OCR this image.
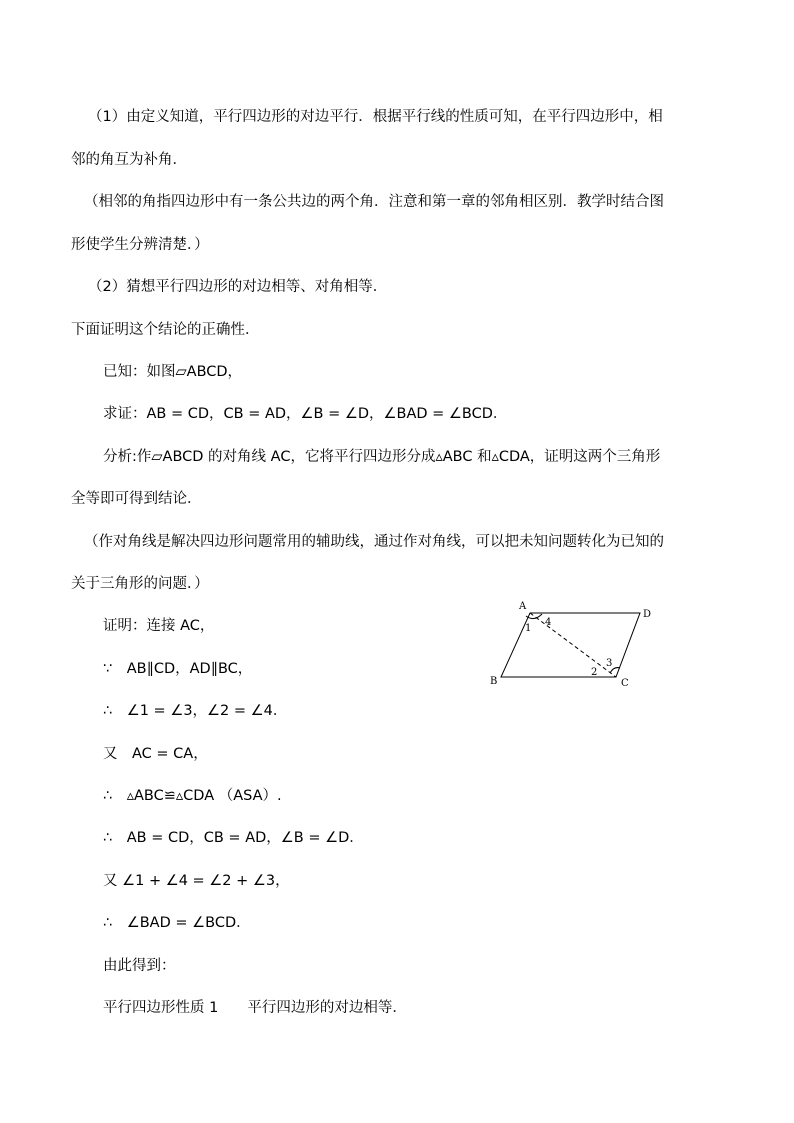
（1）由定义知道，平行四边形的对边平行．根据平行线的性质可知，在平行四边形中，相
邻的角互为补角．
（相邻的角指四边形中有一条公共边的两个角．注意和第一章的邻角相区别．教学时结合图
形使学生分辨清楚．）
（2）猜想平行四边形的对边相等、对角相等．
下面证明这个结论的正确性．
已知：如图▱ABCD，
求证：AB = CD，CB = AD，∠B = ∠D，∠BAD = ∠BCD．
分析:作▱ABCD 的对角线 AC，它将平行四边形分成▵ABC 和▵CDA，证明这两个三角形
全等即可得到结论．
（作对角线是解决四边形问题常用的辅助线，通过作对角线，可以把未知问题转化为已知的
关于三角形的问题．）
证明：连接 AC，
∵　AB∥CD，AD∥BC，
∴　∠1 = ∠3，∠2 = ∠4．
又　AC = CA，
∴　▵ABC≌▵CDA （ASA）.
∴　AB = CD，CB = AD，∠B = ∠D．
又 ∠1 + ∠4 = ∠2 + ∠3，
∴　∠BAD = ∠BCD．
由此得到：
平行四边形性质 1　　平行四边形的对边相等．
A
D
B	C
1
4
3
2
